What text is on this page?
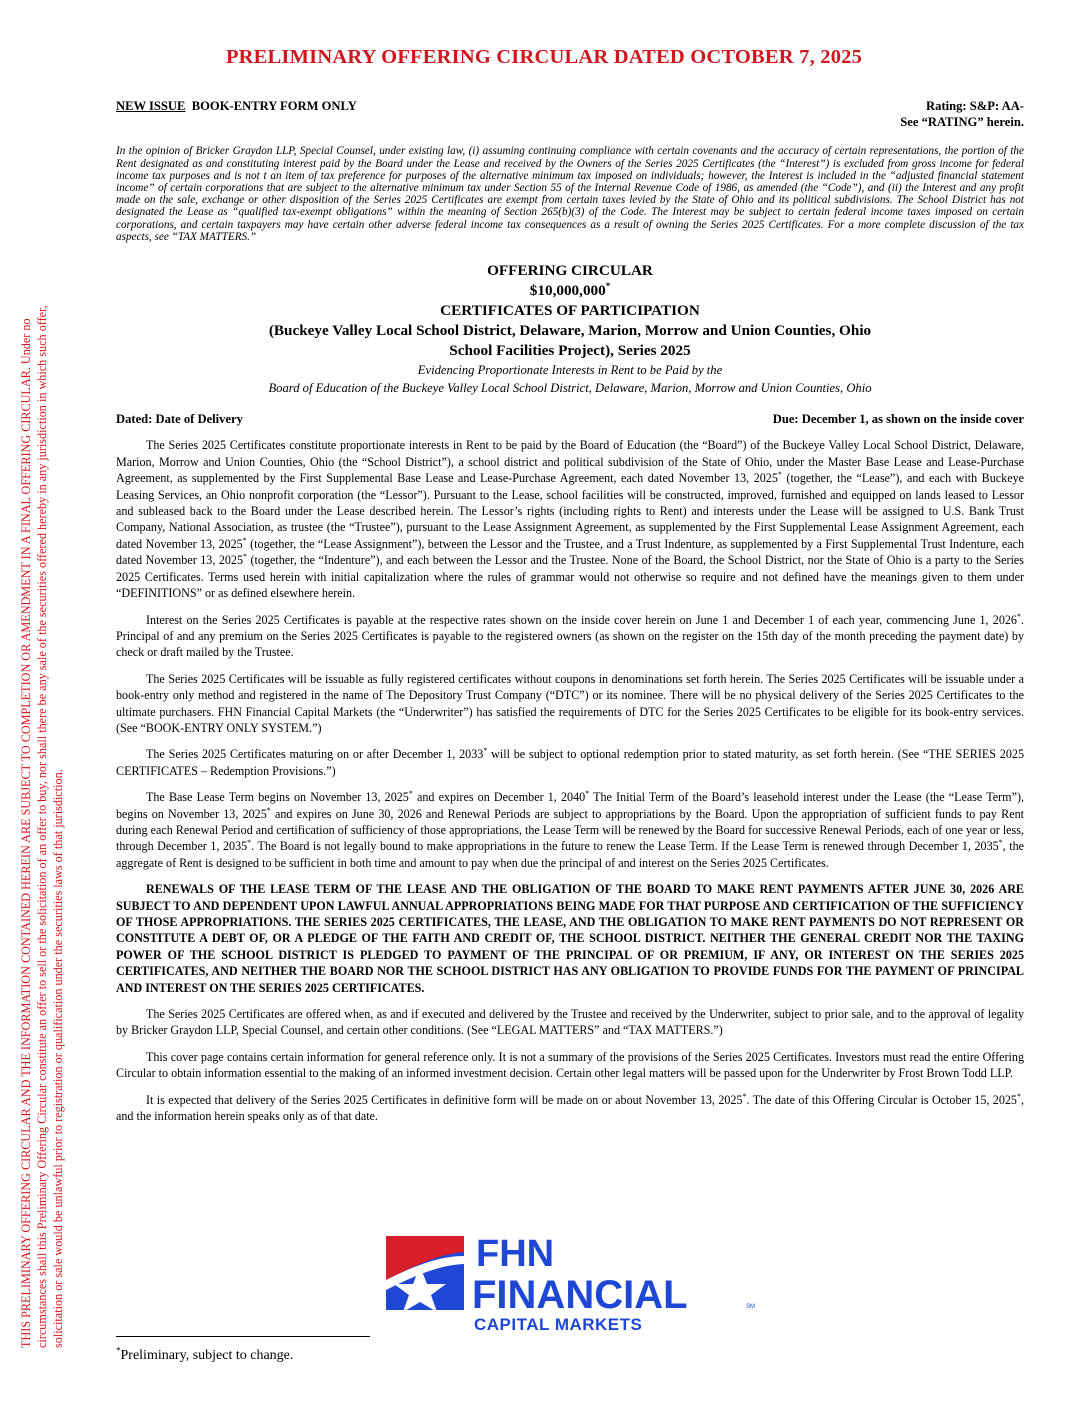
THIS PRELIMINARY OFFERING CIRCULAR AND THE INFORMATION CONTAINED HEREIN ARE SUBJECT TO COMPLETION OR AMENDMENT IN A FINAL OFFERING CIRCULAR. Under no circumstances shall this Preliminary Offering Circular constitute an offer to sell or the solicitation of an offer to buy, nor shall there be any sale of the securities offered hereby in any jurisdiction in which such offer, solicitation or sale would be unlawful prior to registration or qualification under the securities laws of that jurisdiction.

PRELIMINARY OFFERING CIRCULAR DATED OCTOBER 7, 2025
NEW ISSUE BOOK-ENTRY FORM ONLY	Rating: S&P: AA-
See “RATING” herein.

In the opinion of Bricker Graydon LLP, Special Counsel, under existing law, (i) assuming continuing compliance with certain covenants and the accuracy of certain representations, the portion of the Rent designated as and constituting interest paid by the Board under the Lease and received by the Owners of the Series 2025 Certificates (the “Interest”) is excluded from gross income for federal income tax purposes and is not t an item of tax preference for purposes of the alternative minimum tax imposed on individuals; however, the Interest is included in the “adjusted financial statement income” of certain corporations that are subject to the alternative minimum tax under Section 55 of the Internal Revenue Code of 1986, as amended (the “Code”), and (ii) the Interest and any profit made on the sale, exchange or other disposition of the Series 2025 Certificates are exempt from certain taxes levied by the State of Ohio and its political subdivisions. The School District has not designated the Lease as “qualified tax-exempt obligations” within the meaning of Section 265(b)(3) of the Code. The Interest may be subject to certain federal income taxes imposed on certain corporations, and certain taxpayers may have certain other adverse federal income tax consequences as a result of owning the Series 2025 Certificates. For a more complete discussion of the tax aspects, see “TAX MATTERS.”

OFFERING CIRCULAR
$10,000,000*
CERTIFICATES OF PARTICIPATION
(Buckeye Valley Local School District, Delaware, Marion, Morrow and Union Counties, Ohio
School Facilities Project), Series 2025
Evidencing Proportionate Interests in Rent to be Paid by the
Board of Education of the Buckeye Valley Local School District, Delaware, Marion, Morrow and Union Counties, Ohio
Dated: Date of Delivery	Due: December 1, as shown on the inside cover

The Series 2025 Certificates constitute proportionate interests in Rent to be paid by the Board of Education (the “Board”) of the Buckeye Valley Local School District, Delaware, Marion, Morrow and Union Counties, Ohio (the “School District”), a school district and political subdivision of the State of Ohio, under the Master Base Lease and Lease-Purchase Agreement, as supplemented by the First Supplemental Base Lease and Lease-Purchase Agreement, each dated November 13, 2025* (together, the “Lease”), and each with Buckeye Leasing Services, an Ohio nonprofit corporation (the “Lessor”). Pursuant to the Lease, school facilities will be constructed, improved, furnished and equipped on lands leased to Lessor and subleased back to the Board under the Lease described herein. The Lessor’s rights (including rights to Rent) and interests under the Lease will be assigned to U.S. Bank Trust Company, National Association, as trustee (the “Trustee”), pursuant to the Lease Assignment Agreement, as supplemented by the First Supplemental Lease Assignment Agreement, each dated November 13, 2025* (together, the “Lease Assignment”), between the Lessor and the Trustee, and a Trust Indenture, as supplemented by a First Supplemental Trust Indenture, each dated November 13, 2025* (together, the “Indenture”), and each between the Lessor and the Trustee. None of the Board, the School District, nor the State of Ohio is a party to the Series 2025 Certificates. Terms used herein with initial capitalization where the rules of grammar would not otherwise so require and not defined have the meanings given to them under “DEFINITIONS” or as defined elsewhere herein.

Interest on the Series 2025 Certificates is payable at the respective rates shown on the inside cover herein on June 1 and December 1 of each year, commencing June 1, 2026*. Principal of and any premium on the Series 2025 Certificates is payable to the registered owners (as shown on the register on the 15th day of the month preceding the payment date) by check or draft mailed by the Trustee.

The Series 2025 Certificates will be issuable as fully registered certificates without coupons in denominations set forth herein. The Series 2025 Certificates will be issuable under a book-entry only method and registered in the name of The Depository Trust Company (“DTC”) or its nominee. There will be no physical delivery of the Series 2025 Certificates to the ultimate purchasers. FHN Financial Capital Markets (the “Underwriter”) has satisfied the requirements of DTC for the Series 2025 Certificates to be eligible for its book-entry services. (See “BOOK-ENTRY ONLY SYSTEM.”)

The Series 2025 Certificates maturing on or after December 1, 2033* will be subject to optional redemption prior to stated maturity, as set forth herein. (See “THE SERIES 2025 CERTIFICATES – Redemption Provisions.”)

The Base Lease Term begins on November 13, 2025* and expires on December 1, 2040* The Initial Term of the Board’s leasehold interest under the Lease (the “Lease Term”), begins on November 13, 2025* and expires on June 30, 2026 and Renewal Periods are subject to appropriations by the Board. Upon the appropriation of sufficient funds to pay Rent during each Renewal Period and certification of sufficiency of those appropriations, the Lease Term will be renewed by the Board for successive Renewal Periods, each of one year or less, through December 1, 2035*. The Board is not legally bound to make appropriations in the future to renew the Lease Term. If the Lease Term is renewed through December 1, 2035*, the aggregate of Rent is designed to be sufficient in both time and amount to pay when due the principal of and interest on the Series 2025 Certificates.

RENEWALS OF THE LEASE TERM OF THE LEASE AND THE OBLIGATION OF THE BOARD TO MAKE RENT PAYMENTS AFTER JUNE 30, 2026 ARE SUBJECT TO AND DEPENDENT UPON LAWFUL ANNUAL APPROPRIATIONS BEING MADE FOR THAT PURPOSE AND CERTIFICATION OF THE SUFFICIENCY OF THOSE APPROPRIATIONS. THE SERIES 2025 CERTIFICATES, THE LEASE, AND THE OBLIGATION TO MAKE RENT PAYMENTS DO NOT REPRESENT OR CONSTITUTE A DEBT OF, OR A PLEDGE OF THE FAITH AND CREDIT OF, THE SCHOOL DISTRICT. NEITHER THE GENERAL CREDIT NOR THE TAXING POWER OF THE SCHOOL DISTRICT IS PLEDGED TO PAYMENT OF THE PRINCIPAL OF OR PREMIUM, IF ANY, OR INTEREST ON THE SERIES 2025 CERTIFICATES, AND NEITHER THE BOARD NOR THE SCHOOL DISTRICT HAS ANY OBLIGATION TO PROVIDE FUNDS FOR THE PAYMENT OF PRINCIPAL AND INTEREST ON THE SERIES 2025 CERTIFICATES.

The Series 2025 Certificates are offered when, as and if executed and delivered by the Trustee and received by the Underwriter, subject to prior sale, and to the approval of legality by Bricker Graydon LLP, Special Counsel, and certain other conditions. (See “LEGAL MATTERS” and “TAX MATTERS.”)

This cover page contains certain information for general reference only. It is not a summary of the provisions of the Series 2025 Certificates. Investors must read the entire Offering Circular to obtain information essential to the making of an informed investment decision. Certain other legal matters will be passed upon for the Underwriter by Frost Brown Todd LLP.

It is expected that delivery of the Series 2025 Certificates in definitive form will be made on or about November 13, 2025*. The date of this Offering Circular is October 15, 2025*, and the information herein speaks only as of that date.

FHN
FINANCIAL	SM
CAPITAL MARKETS
*Preliminary, subject to change.
